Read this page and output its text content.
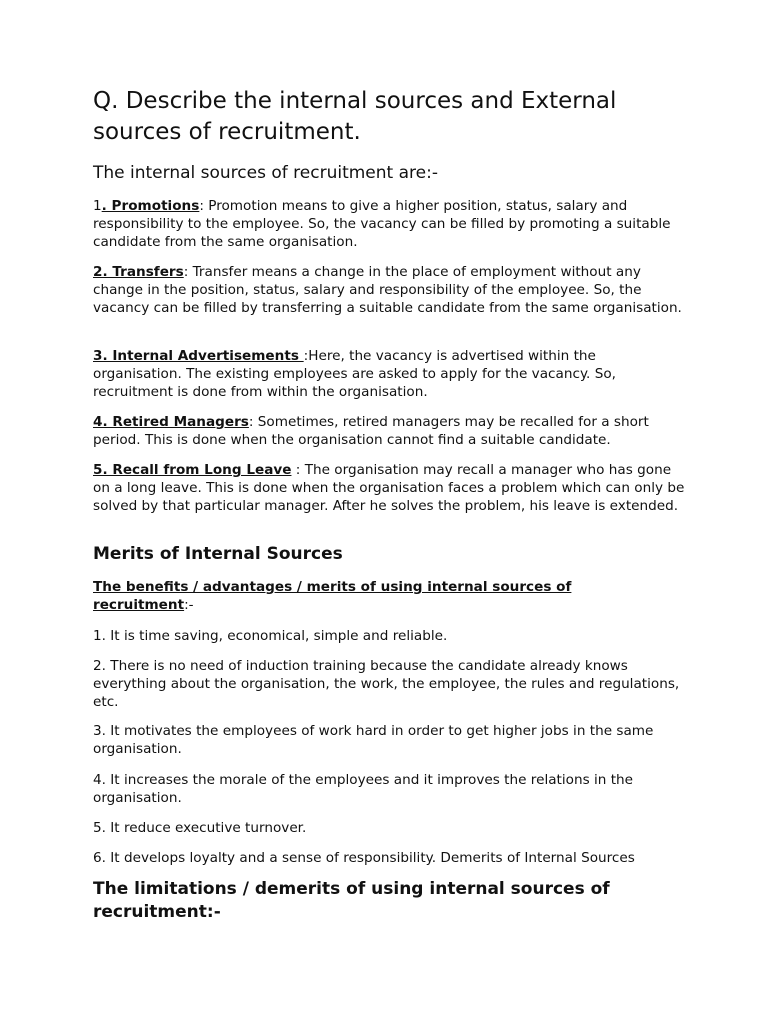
Q. Describe the internal sources and External sources of recruitment.
The internal sources of recruitment are:-

1. Promotions: Promotion means to give a higher position, status, salary and responsibility to the employee. So, the vacancy can be filled by promoting a suitable candidate from the same organisation.

2. Transfers: Transfer means a change in the place of employment without any change in the position, status, salary and responsibility of the employee. So, the vacancy can be filled by transferring a suitable candidate from the same organisation.

3. Internal Advertisements :Here, the vacancy is advertised within the organisation. The existing employees are asked to apply for the vacancy. So, recruitment is done from within the organisation.

4. Retired Managers: Sometimes, retired managers may be recalled for a short period. This is done when the organisation cannot find a suitable candidate.

5. Recall from Long Leave : The organisation may recall a manager who has gone on a long leave. This is done when the organisation faces a problem which can only be solved by that particular manager. After he solves the problem, his leave is extended.

Merits of Internal Sources

The benefits / advantages / merits of using internal sources of recruitment:-

1. It is time saving, economical, simple and reliable.

2. There is no need of induction training because the candidate already knows everything about the organisation, the work, the employee, the rules and regulations, etc.

3. It motivates the employees of work hard in order to get higher jobs in the same organisation.

4. It increases the morale of the employees and it improves the relations in the organisation.

5. It reduce executive turnover.

6. It develops loyalty and a sense of responsibility. Demerits of Internal Sources

The limitations / demerits of using internal sources of recruitment:-
